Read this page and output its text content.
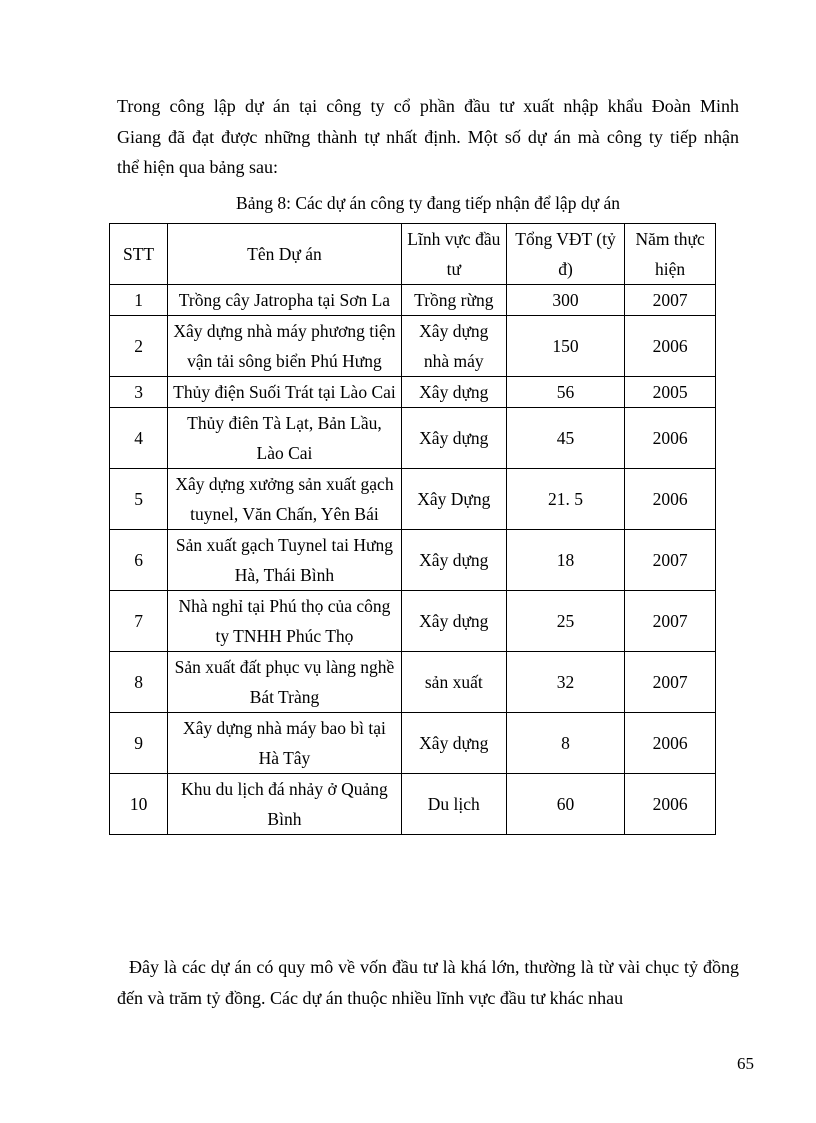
Trong công lập dự án tại công ty cổ phần đầu tư xuất nhập khẩu Đoàn Minh
Giang đã đạt được những thành tự nhất định. Một số dự án mà công ty tiếp nhận
thể hiện qua bảng sau:
Bảng 8: Các dự án công ty đang tiếp nhận để lập dự án
STT	Tên Dự án	Lĩnh vực đầu tư	Tổng VĐT (tỷ đ)	Năm thực hiện
1	Trồng cây Jatropha tại Sơn La	Trồng rừng	300	2007
2	Xây dựng nhà máy phương tiện vận tải sông biển Phú Hưng	Xây dựng nhà máy	150	2006
3	Thủy điện Suối Trát tại Lào Cai	Xây dựng	56	2005
4	Thủy điên Tà Lạt, Bản Lầu, Lào Cai	Xây dựng	45	2006
5	Xây dựng xưởng sản xuất gạch tuynel, Văn Chấn, Yên Bái	Xây Dựng	21. 5	2006
6	Sản xuất gạch Tuynel tai Hưng Hà, Thái Bình	Xây dựng	18	2007
7	Nhà nghỉ tại Phú thọ của công ty TNHH Phúc Thọ	Xây dựng	25	2007
8	Sản xuất đất phục vụ làng nghề Bát Tràng	sản xuất	32	2007
9	Xây dựng nhà máy bao bì tại Hà Tây	Xây dựng	8	2006
10	Khu du lịch đá nhảy ở Quảng Bình	Du lịch	60	2006
Đây là các dự án có quy mô về vốn đầu tư là khá lớn, thường là từ vài chục tỷ đồng đến và trăm tỷ đồng. Các dự án thuộc nhiều lĩnh vực đầu tư khác nhau
65
